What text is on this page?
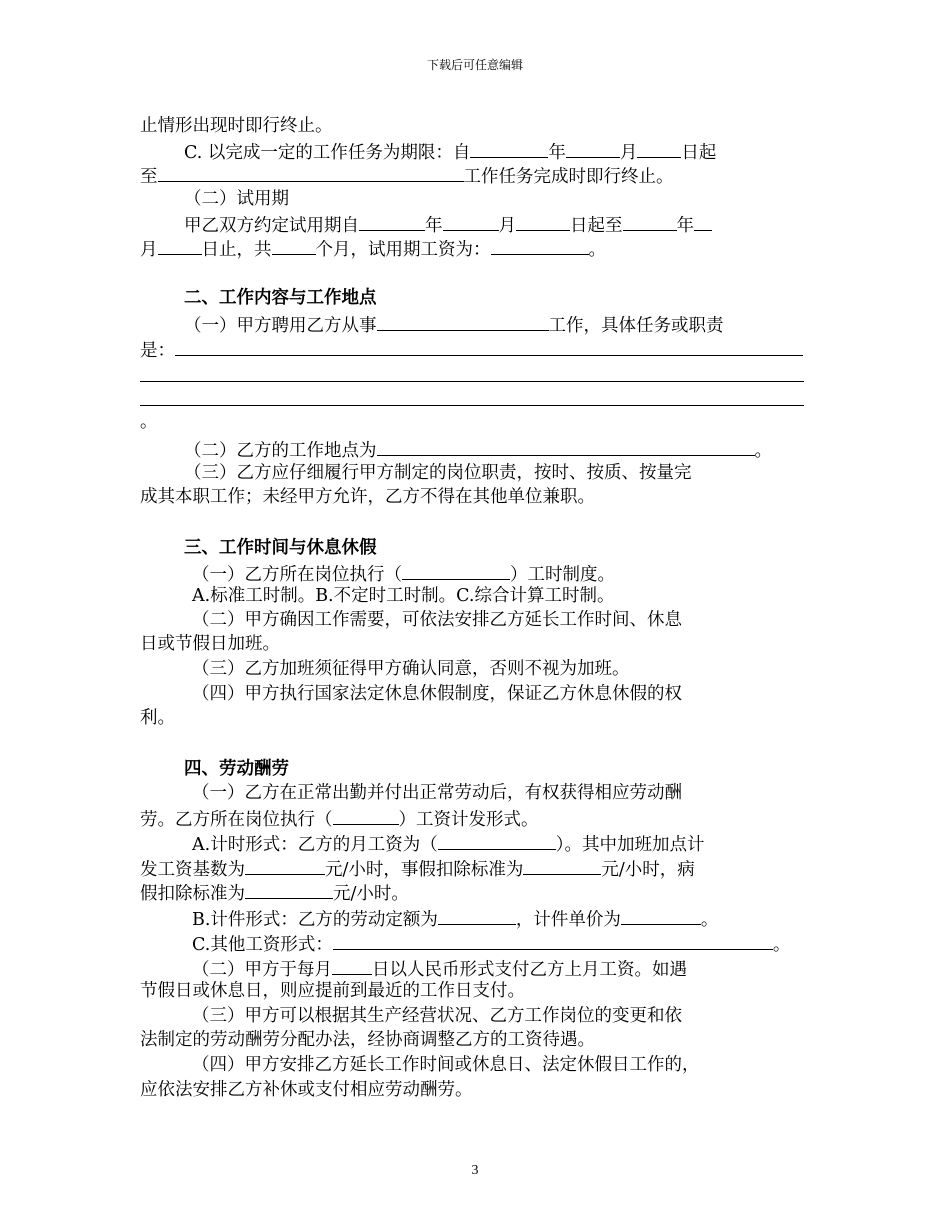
下载后可任意编辑
止情形出现时即行终止。
C. 以完成一定的工作任务为期限：自	年	月	日起
至	工作任务完成时即行终止。
（二）试用期
甲乙双方约定试用期自	年	月	日起至	年
月	日止，共	个月，试用期工资为：	。
二、工作内容与工作地点
（一）甲方聘用乙方从事	工作，具体任务或职责
是：
。
（二）乙方的工作地点为	。
（三）乙方应仔细履行甲方制定的岗位职责，按时、按质、按量完
成其本职工作；未经甲方允许，乙方不得在其他单位兼职。
三、工作时间与休息休假
（一）乙方所在岗位执行（	）工时制度。
A.标准工时制。B.不定时工时制。C.综合计算工时制。
（二）甲方确因工作需要，可依法安排乙方延长工作时间、休息
日或节假日加班。
（三）乙方加班须征得甲方确认同意，否则不视为加班。
（四）甲方执行国家法定休息休假制度，保证乙方休息休假的权
利。
四、劳动酬劳
（一）乙方在正常出勤并付出正常劳动后，有权获得相应劳动酬
劳。乙方所在岗位执行（	）工资计发形式。
A.计时形式：乙方的月工资为（	）。其中加班加点计
发工资基数为	元/小时，事假扣除标准为	元/小时，病
假扣除标准为	元/小时。
B.计件形式：乙方的劳动定额为	，计件单价为	。
C.其他工资形式：	。
（二）甲方于每月 日以人民币形式支付乙方上月工资。如遇
节假日或休息日，则应提前到最近的工作日支付。
（三）甲方可以根据其生产经营状况、乙方工作岗位的变更和依
法制定的劳动酬劳分配办法，经协商调整乙方的工资待遇。
（四）甲方安排乙方延长工作时间或休息日、法定休假日工作的，
应依法安排乙方补休或支付相应劳动酬劳。
3
